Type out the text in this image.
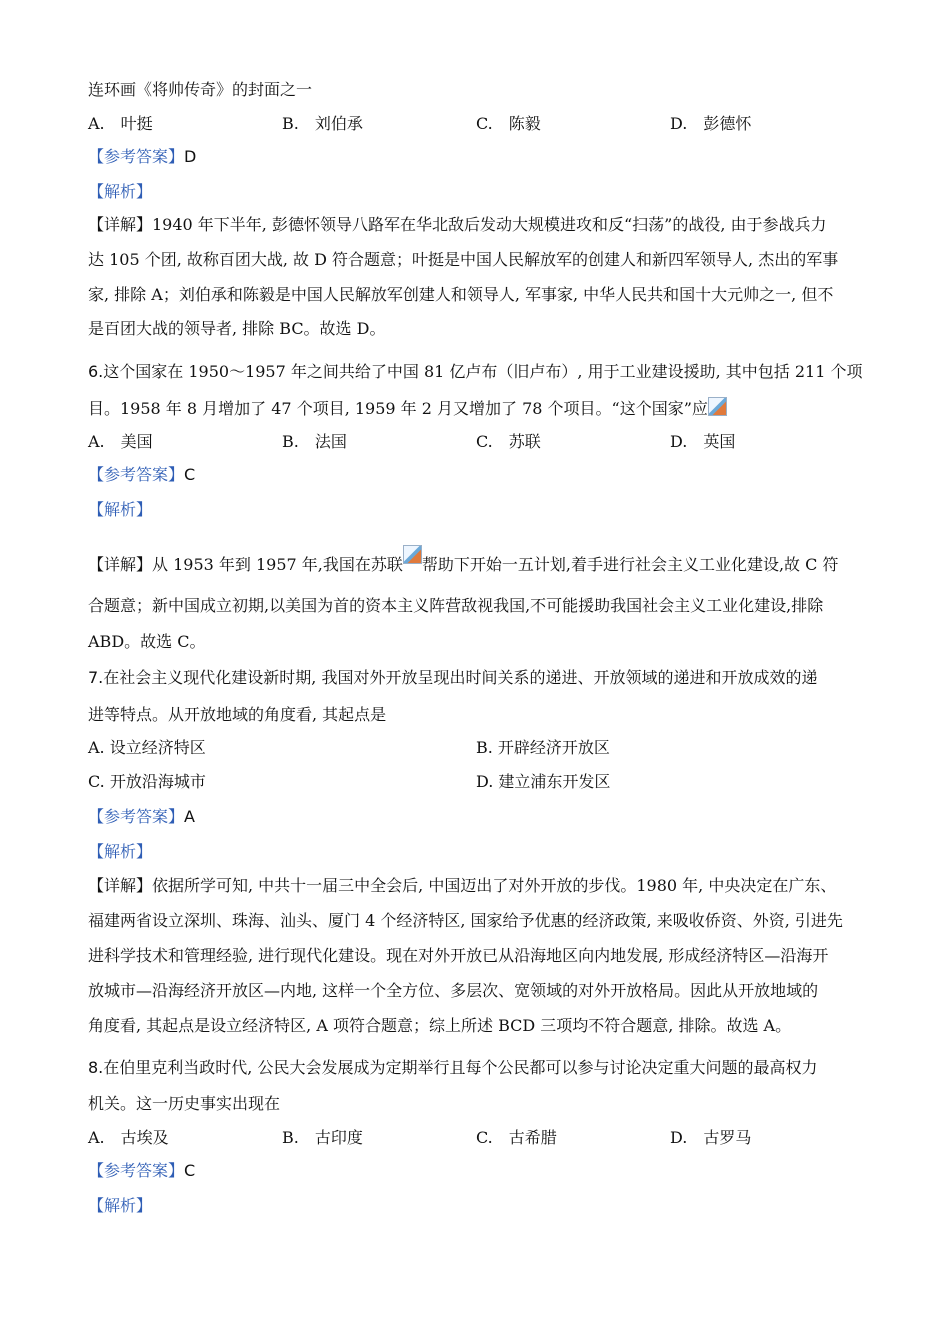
连环画《将帅传奇》的封面之一
A.　叶挺	B.　刘伯承	C.　陈毅	D.　彭德怀
【参考答案】D
【解析】
【详解】1940 年下半年, 彭德怀领导八路军在华北敌后发动大规模进攻和反“扫荡”的战役, 由于参战兵力
达 105 个团, 故称百团大战, 故 D 符合题意；叶挺是中国人民解放军的创建人和新四军领导人, 杰出的军事
家, 排除 A；刘伯承和陈毅是中国人民解放军创建人和领导人, 军事家, 中华人民共和国十大元帅之一, 但不
是百团大战的领导者, 排除 BC。故选 D。
6.这个国家在 1950～1957 年之间共给了中国 81 亿卢布（旧卢布）, 用于工业建设援助, 其中包括 211 个项
目。1958 年 8 月增加了 47 个项目, 1959 年 2 月又增加了 78 个项目。“这个国家”应
A.　美国	B.　法国	C.　苏联	D.　英国
【参考答案】C
【解析】
【详解】从 1953 年到 1957 年,我国在苏联 帮助下开始一五计划,着手进行社会主义工业化建设,故 C 符
合题意；新中国成立初期,以美国为首的资本主义阵营敌视我国,不可能援助我国社会主义工业化建设,排除
ABD。故选 C。
7.在社会主义现代化建设新时期, 我国对外开放呈现出时间关系的递进、开放领域的递进和开放成效的递
进等特点。从开放地域的角度看, 其起点是
A. 设立经济特区	B. 开辟经济开放区
C. 开放沿海城市	D. 建立浦东开发区
【参考答案】A
【解析】
【详解】依据所学可知, 中共十一届三中全会后, 中国迈出了对外开放的步伐。1980 年, 中央决定在广东、
福建两省设立深圳、珠海、汕头、厦门 4 个经济特区, 国家给予优惠的经济政策, 来吸收侨资、外资, 引进先
进科学技术和管理经验, 进行现代化建设。现在对外开放已从沿海地区向内地发展, 形成经济特区—沿海开
放城市—沿海经济开放区—内地, 这样一个全方位、多层次、宽领域的对外开放格局。因此从开放地域的
角度看, 其起点是设立经济特区, A 项符合题意；综上所述 BCD 三项均不符合题意, 排除。故选 A。
8.在伯里克利当政时代, 公民大会发展成为定期举行且每个公民都可以参与讨论决定重大问题的最高权力
机关。这一历史事实出现在
A.　古埃及	B.　古印度	C.　古希腊	D.　古罗马
【参考答案】C
【解析】
